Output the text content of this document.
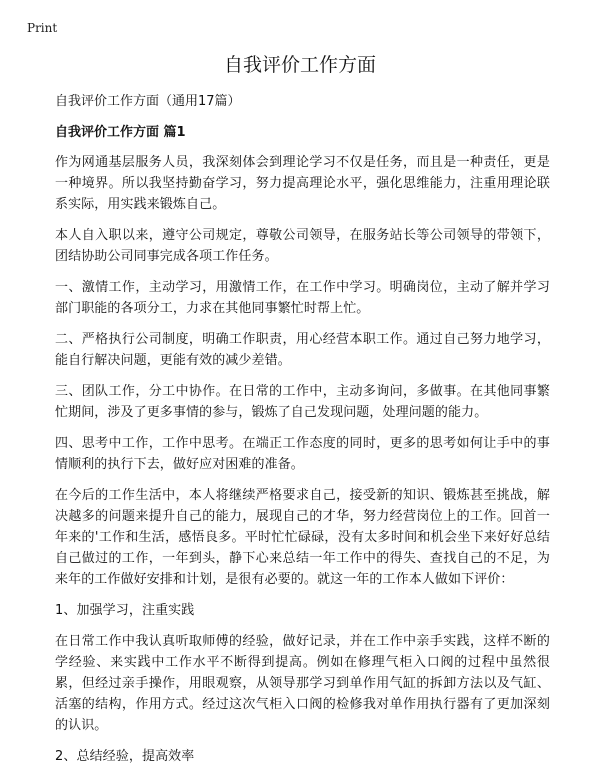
Print
自我评价工作方面
自我评价工作方面（通用17篇）
自我评价工作方面 篇1

作为网通基层服务人员，我深刻体会到理论学习不仅是任务，而且是一种责任，更是一种境界。所以我坚持勤奋学习，努力提高理论水平，强化思维能力，注重用理论联系实际，用实践来锻炼自己。

本人自入职以来，遵守公司规定，尊敬公司领导，在服务站长等公司领导的带领下，团结协助公司同事完成各项工作任务。

一、激情工作，主动学习，用激情工作，在工作中学习。明确岗位，主动了解并学习部门职能的各项分工，力求在其他同事繁忙时帮上忙。

二、严格执行公司制度，明确工作职责，用心经营本职工作。通过自己努力地学习，能自行解决问题，更能有效的减少差错。

三、团队工作，分工中协作。在日常的工作中，主动多询问，多做事。在其他同事繁忙期间，涉及了更多事情的参与，锻炼了自己发现问题，处理问题的能力。

四、思考中工作，工作中思考。在端正工作态度的同时，更多的思考如何让手中的事情顺利的执行下去，做好应对困难的准备。

在今后的工作生活中，本人将继续严格要求自己，接受新的知识、锻炼甚至挑战，解决越多的问题来提升自己的能力，展现自己的才华，努力经营岗位上的工作。回首一年来的'工作和生活，感悟良多。平时忙忙碌碌，没有太多时间和机会坐下来好好总结自己做过的工作，一年到头，静下心来总结一年工作中的得失、查找自己的不足，为来年的工作做好安排和计划，是很有必要的。就这一年的工作本人做如下评价：

1、加强学习，注重实践

在日常工作中我认真听取师傅的经验，做好记录，并在工作中亲手实践，这样不断的学经验、来实践中工作水平不断得到提高。例如在修理气柜入口阀的过程中虽然很累，但经过亲手操作，用眼观察，从领导那学习到单作用气缸的拆卸方法以及气缸、活塞的结构，作用方式。经过这次气柜入口阀的检修我对单作用执行器有了更加深刻的认识。

2、总结经验，提高效率
